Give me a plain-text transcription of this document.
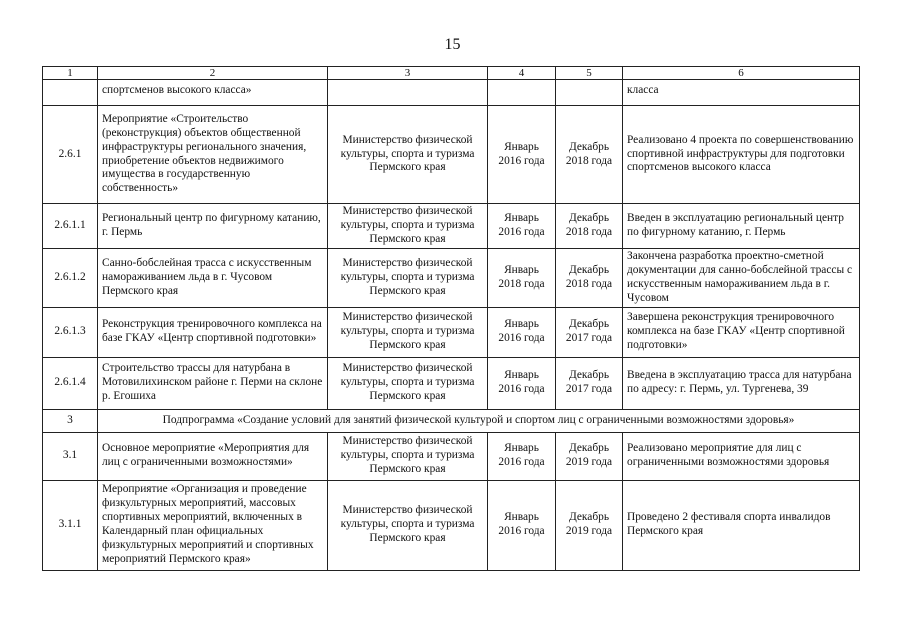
15
1	2	3	4	5	6
	спортсменов высокого класса»				класса
2.6.1	Мероприятие «Строительство (реконструкция) объектов общественной инфраструктуры регионального значения, приобретение объектов недвижимого имущества в государственную собственность»	Министерство физической культуры, спорта и туризма Пермского края	Январь 2016 года	Декабрь 2018 года	Реализовано 4 проекта по совершенствованию спортивной инфраструктуры для подготовки спортсменов высокого класса
2.6.1.1	Региональный центр по фигурному катанию, г. Пермь	Министерство физической культуры, спорта и туризма Пермского края	Январь 2016 года	Декабрь 2018 года	Введен в эксплуатацию региональный центр по фигурному катанию, г. Пермь
2.6.1.2	Санно-бобслейная трасса с искусственным намораживанием льда в г. Чусовом Пермского края	Министерство физической культуры, спорта и туризма Пермского края	Январь 2018 года	Декабрь 2018 года	Закончена разработка проектно-сметной документации для санно-бобслейной трассы с искусственным намораживанием льда в г. Чусовом
2.6.1.3	Реконструкция тренировочного комплекса на базе ГКАУ «Центр спортивной подготовки»	Министерство физической культуры, спорта и туризма Пермского края	Январь 2016 года	Декабрь 2017 года	Завершена реконструкция тренировочного комплекса на базе ГКАУ «Центр спортивной подготовки»
2.6.1.4	Строительство трассы для натурбана в Мотовилихинском районе г. Перми на склоне р. Егошиха	Министерство физической культуры, спорта и туризма Пермского края	Январь 2016 года	Декабрь 2017 года	Введена в эксплуатацию трасса для натурбана по адресу: г. Пермь, ул. Тургенева, 39
3	Подпрограмма «Создание условий для занятий физической культурой и спортом лиц с ограниченными возможностями здоровья»				
3.1	Основное мероприятие «Мероприятия для лиц с ограниченными возможностями»	Министерство физической культуры, спорта и туризма Пермского края	Январь 2016 года	Декабрь 2019 года	Реализовано мероприятие для лиц с ограниченными возможностями здоровья
3.1.1	Мероприятие «Организация и проведение физкультурных мероприятий, массовых спортивных мероприятий, включенных в Календарный план официальных физкультурных мероприятий и спортивных мероприятий Пермского края»	Министерство физической культуры, спорта и туризма Пермского края	Январь 2016 года	Декабрь 2019 года	Проведено 2 фестиваля спорта инвалидов Пермского края
